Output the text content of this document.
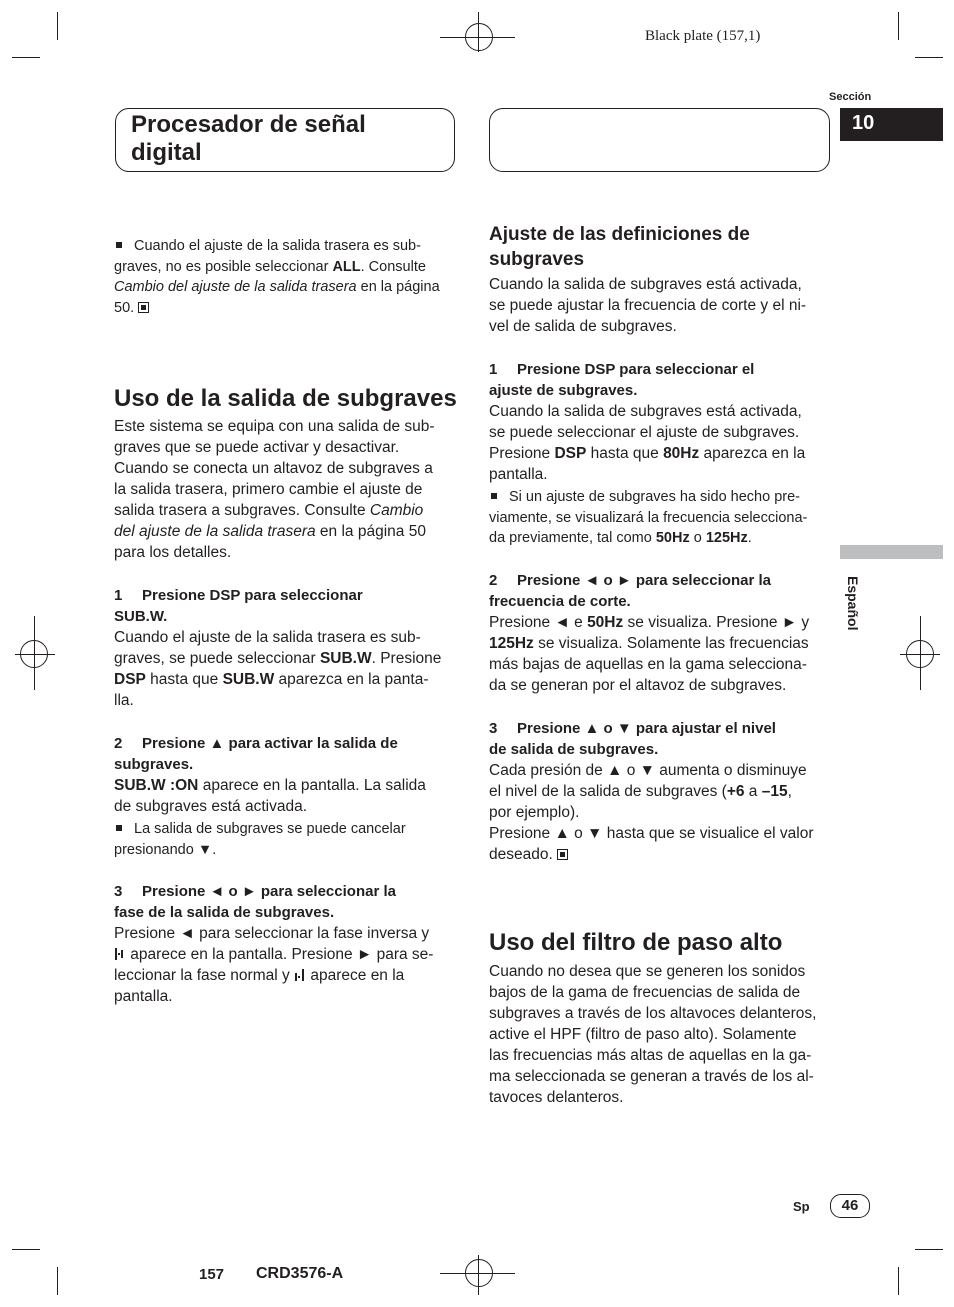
Black plate (157,1)
Sección
10
Procesador de señal digital
Español
Cuando el ajuste de la salida trasera es sub-
graves, no es posible seleccionar ALL. Consulte
Cambio del ajuste de la salida trasera en la página
50.
Uso de la salida de subgraves
Este sistema se equipa con una salida de sub-
graves que se puede activar y desactivar.
Cuando se conecta un altavoz de subgraves a
la salida trasera, primero cambie el ajuste de
salida trasera a subgraves. Consulte Cambio
del ajuste de la salida trasera en la página 50
para los detalles.
1 Presione DSP para seleccionar
SUB.W.
Cuando el ajuste de la salida trasera es sub-
graves, se puede seleccionar SUB.W. Presione
DSP hasta que SUB.W aparezca en la panta-
lla.
2 Presione ▲ para activar la salida de
subgraves.
SUB.W :ON aparece en la pantalla. La salida
de subgraves está activada.
La salida de subgraves se puede cancelar
presionando ▼.
3 Presione ◄ o ► para seleccionar la
fase de la salida de subgraves.
Presione ◄ para seleccionar la fase inversa y
aparece en la pantalla. Presione ► para se-
leccionar la fase normal y  aparece en la
pantalla.
Ajuste de las definiciones de subgraves
Cuando la salida de subgraves está activada,
se puede ajustar la frecuencia de corte y el ni-
vel de salida de subgraves.
1 Presione DSP para seleccionar el
ajuste de subgraves.
Cuando la salida de subgraves está activada,
se puede seleccionar el ajuste de subgraves.
Presione DSP hasta que 80Hz aparezca en la
pantalla.
Si un ajuste de subgraves ha sido hecho pre-
viamente, se visualizará la frecuencia selecciona-
da previamente, tal como 50Hz o 125Hz.
2 Presione ◄ o ► para seleccionar la
frecuencia de corte.
Presione ◄ e 50Hz se visualiza. Presione ► y
125Hz se visualiza. Solamente las frecuencias
más bajas de aquellas en la gama selecciona-
da se generan por el altavoz de subgraves.
3 Presione ▲ o ▼ para ajustar el nivel
de salida de subgraves.
Cada presión de ▲ o ▼ aumenta o disminuye
el nivel de la salida de subgraves (+6 a –15,
por ejemplo).
Presione ▲ o ▼ hasta que se visualice el valor
deseado.
Uso del filtro de paso alto
Cuando no desea que se generen los sonidos
bajos de la gama de frecuencias de salida de
subgraves a través de los altavoces delanteros,
active el HPF (filtro de paso alto). Solamente
las frecuencias más altas de aquellas en la ga-
ma seleccionada se generan a través de los al-
tavoces delanteros.
Sp	46
157 CRD3576-A
